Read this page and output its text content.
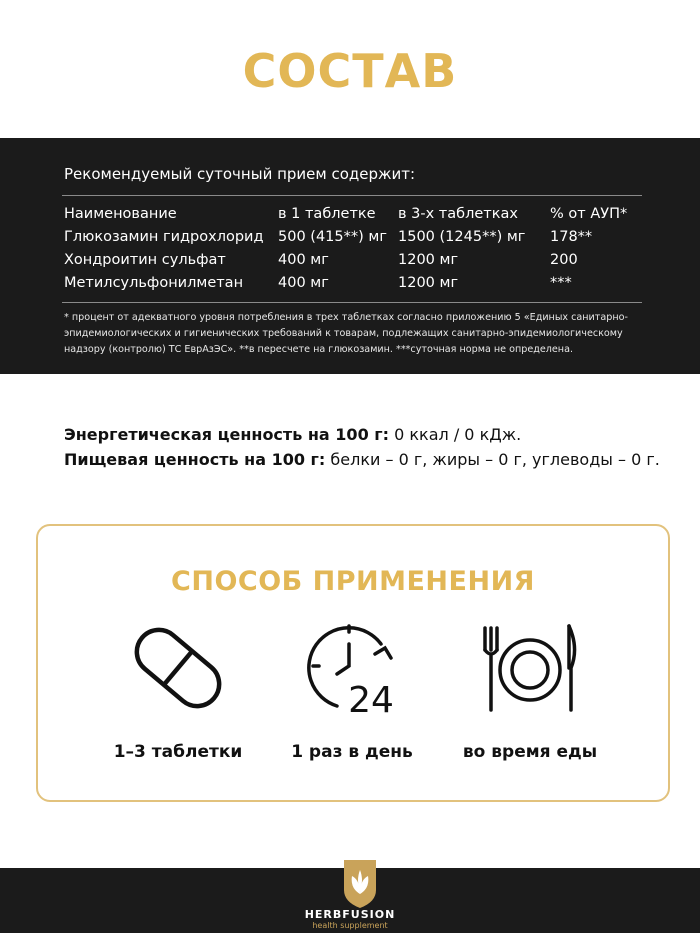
СОСТАВ
Рекомендуемый суточный прием содержит:
Наименование	в 1 таблетке	в 3-х таблетках	% от АУП*
Глюкозамин гидрохлорид	500 (415**) мг	1500 (1245**) мг	178**
Хондроитин сульфат	400 мг	1200 мг	200
Метилсульфонилметан	400 мг	1200 мг	***
* процент от адекватного уровня потребления в трех таблетках согласно приложению 5 «Единых санитарно-эпидемиологических и гигиенических требований к товарам, подлежащих санитарно-эпидемиологическому надзору (контролю) ТС ЕврАзЭС». **в пересчете на глюкозамин. ***суточная норма не определена.
Энергетическая ценность на 100 г: 0 ккал / 0 кДж.
Пищевая ценность на 100 г: белки – 0 г, жиры – 0 г, углеводы – 0 г.
СПОСОБ ПРИМЕНЕНИЯ
1–3 таблетки
24
1 раз в день	во время еды
HERBFUSION
health supplement
